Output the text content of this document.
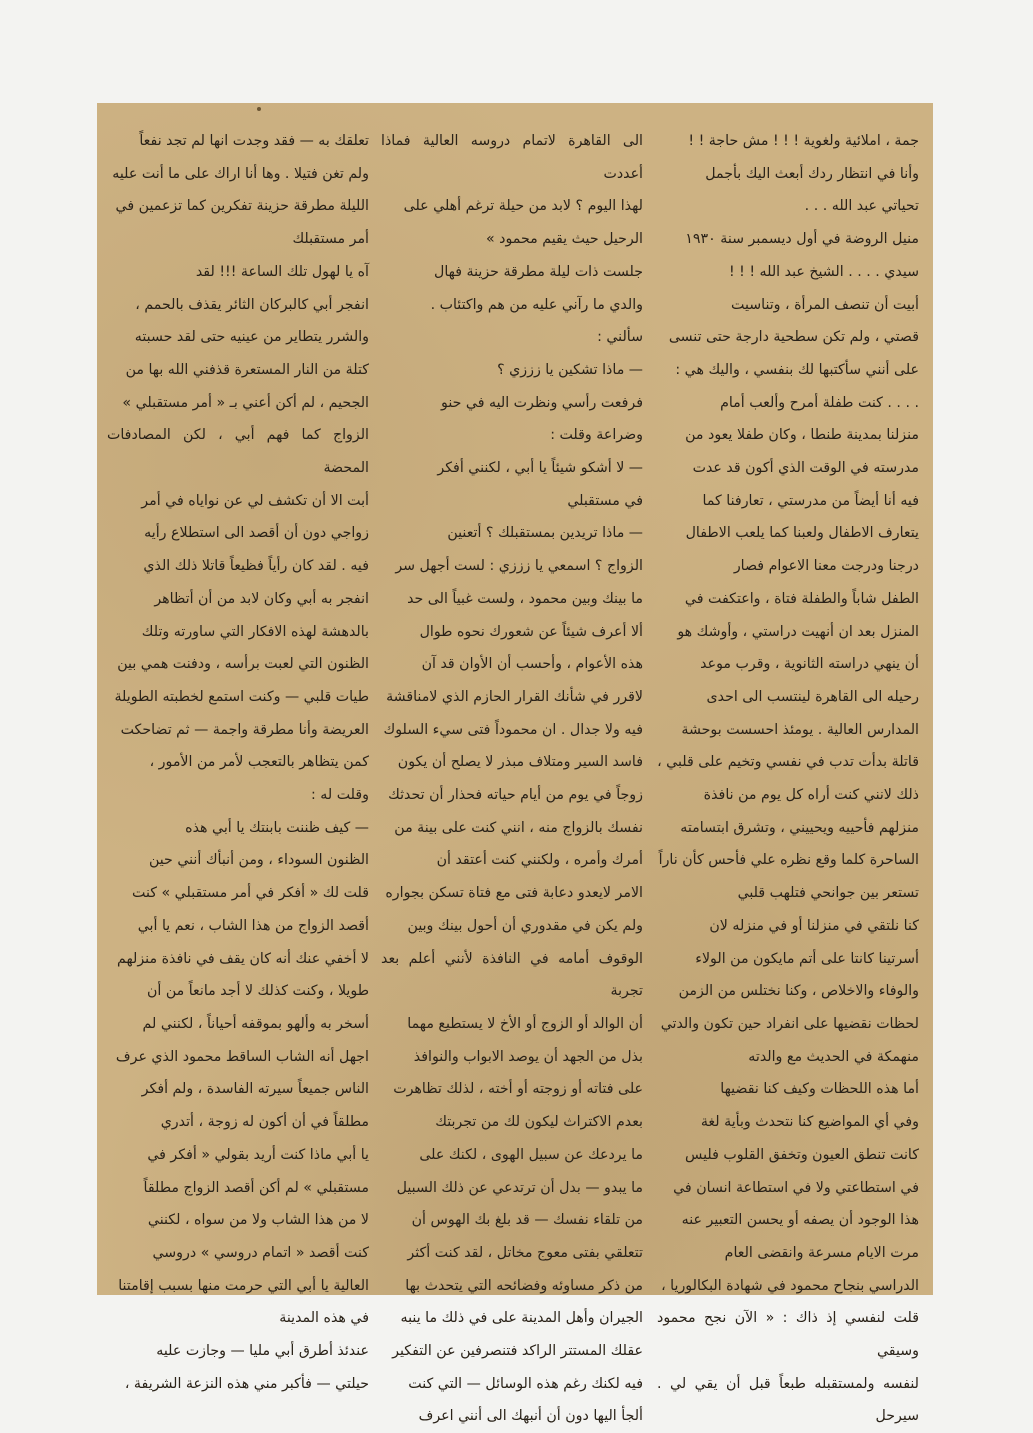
جمة ، املائية ولغوية ! ! ! مش حاجة ! !

وأنا في انتظار ردك أبعث اليك بأجمل

تحياتي عبد الله . . .

منيل الروضة في أول ديسمبر سنة ١٩٣٠

سيدي . . . . الشيخ عبد الله ! ! !

أبيت أن تنصف المرأة ، وتناسيت

قصتي ، ولم تكن سطحية دارجة حتى تنسى

على أنني سأكتبها لك بنفسي ، واليك هي :

. . . . كنت طفلة أمرح وألعب أمام

منزلنا بمدينة طنطا ، وكان طفلا يعود من

مدرسته في الوقت الذي أكون قد عدت

فيه أنا أيضاً من مدرستي ، تعارفنا كما

يتعارف الاطفال ولعبنا كما يلعب الاطفال

درجنا ودرجت معنا الاعوام فصار

الطفل شاباً والطفلة فتاة ، واعتكفت في

المنزل بعد ان أنهيت دراستي ، وأوشك هو

أن ينهي دراسته الثانوية ، وقرب موعد

رحيله الى القاهرة لينتسب الى احدى

المدارس العالية . يومئذ احسست بوحشة

قاتلة بدأت تدب في نفسي وتخيم على قلبي ،

ذلك لانني كنت أراه كل يوم من نافذة

منزلهم فأحييه ويحييني ، وتشرق ابتسامته

الساحرة كلما وقع نظره علي فأحس كأن ناراً

تستعر بين جوانحي فتلهب قلبي

كنا نلتقي في منزلنا أو في منزله لان

أسرتينا كانتا على أتم مايكون من الولاء

والوفاء والاخلاص ، وكنا نختلس من الزمن

لحظات نقضيها على انفراد حين تكون والدتي

منهمكة في الحديث مع والدته

أما هذه اللحظات وكيف كنا نقضيها

وفي أي المواضيع كنا نتحدث وبأية لغة

كانت تنطق العيون وتخفق القلوب فليس

في استطاعتي ولا في استطاعة انسان في

هذا الوجود أن يصفه أو يحسن التعبير عنه

مرت الايام مسرعة وانقضى العام

الدراسي بنجاح محمود في شهادة البكالوريا ،

قلت لنفسي إذ ذاك : « الآن نجح محمود وسيقي

لنفسه ولمستقبله طبعاً قبل أن يقي لي . سيرحل

الى القاهرة لاتمام دروسه العالية فماذا أعددت

لهذا اليوم ؟ لابد من حيلة ترغم أهلي على

الرحيل حيث يقيم محمود »

جلست ذات ليلة مطرقة حزينة فهال

والدي ما رآني عليه من هم واكتئاب .

سألني :

— ماذا تشكين يا زززي ؟

فرفعت رأسي ونظرت اليه في حنو

وضراعة وقلت :

— لا أشكو شيئاً يا أبي ، لكنني أفكر

في مستقبلي

— ماذا تريدين بمستقبلك ؟ أتعنين

الزواج ؟ اسمعي يا زززي : لست أجهل سر

ما بينك وبين محمود ، ولست غبياً الى حد

ألا أعرف شيئاً عن شعورك نحوه طوال

هذه الأعوام ، وأحسب أن الأوان قد آن

لاقرر في شأنك القرار الحازم الذي لامناقشة

فيه ولا جدال . ان محموداً فتى سيء السلوك

فاسد السير ومتلاف مبذر لا يصلح أن يكون

زوجاً في يوم من أيام حياته فحذار أن تحدثك

نفسك بالزواج منه ، انني كنت على بينة من

أمرك وأمره ، ولكنني كنت أعتقد أن

الامر لايعدو دعابة فتى مع فتاة تسكن بجواره

ولم يكن في مقدوري أن أحول بينك وبين

الوقوف أمامه في النافذة لأنني أعلم بعد تجربة

أن الوالد أو الزوج أو الأخ لا يستطيع مهما

بذل من الجهد أن يوصد الابواب والنوافذ

على فتاته أو زوجته أو أخته ، لذلك تظاهرت

بعدم الاكتراث ليكون لك من تجربتك

ما يردعك عن سبيل الهوى ، لكنك على

ما يبدو — بدل أن ترتدعي عن ذلك السبيل

من تلقاء نفسك — قد بلغ بك الهوس أن

تتعلقي بفتى معوج مخاتل ، لقد كنت أكثر

من ذكر مساوئه وفضائحه التي يتحدث بها

الجيران وأهل المدينة على في ذلك ما ينبه

عقلك المستتر الراكد فتنصرفين عن التفكير

فيه لكنك رغم هذه الوسائل — التي كنت

ألجأ اليها دون أن أنبهك الى أنني اعرف

تعلقك به — فقد وجدت انها لم تجد نفعاً

ولم تغن فتيلا . وها أنا اراك على ما أنت عليه

الليلة مطرقة حزينة تفكرين كما تزعمين في

أمر مستقبلك

آه يا لهول تلك الساعة !!! لقد

انفجر أبي كالبركان الثائر يقذف بالحمم ،

والشرر يتطاير من عينيه حتى لقد حسبته

كتلة من النار المستعرة قذفني الله بها من

الجحيم ، لم أكن أعني بـ « أمر مستقبلي »

الزواج كما فهم أبي ، لكن المصادفات المحضة

أبت الا أن تكشف لي عن نواياه في أمر

زواجي دون أن أقصد الى استطلاع رأيه

فيه . لقد كان رأياً فظيعاً قاتلا ذلك الذي

انفجر به أبي وكان لابد من أن أتظاهر

بالدهشة لهذه الافكار التي ساورته وتلك

الظنون التي لعبت برأسه ، ودفنت همي بين

طيات قلبي — وكنت استمع لخطبته الطويلة

العريضة وأنا مطرقة واجمة — ثم تضاحكت

كمن يتظاهر بالتعجب لأمر من الأمور ،

وقلت له :

— كيف ظننت بابنتك يا أبي هذه

الظنون السوداء ، ومن أنبأك أنني حين

قلت لك « أفكر في أمر مستقبلي » كنت

أقصد الزواج من هذا الشاب ، نعم يا أبي

لا أخفي عنك أنه كان يقف في نافذة منزلهم

طويلا ، وكنت كذلك لا أجد مانعاً من أن

أسخر به وألهو بموقفه أحياناً ، لكنني لم

اجهل أنه الشاب الساقط محمود الذي عرف

الناس جميعاً سيرته الفاسدة ، ولم أفكر

مطلقاً في أن أكون له زوجة ، أتدري

يا أبي ماذا كنت أريد بقولي « أفكر في

مستقبلي » لم أكن أقصد الزواج مطلقاً

لا من هذا الشاب ولا من سواه ، لكنني

كنت أقصد « اتمام دروسي » دروسي

العالية يا أبي التي حرمت منها بسبب إقامتنا

في هذه المدينة

عندئذ أطرق أبي مليا — وجازت عليه

حيلتي — فأكبر مني هذه النزعة الشريفة ،
